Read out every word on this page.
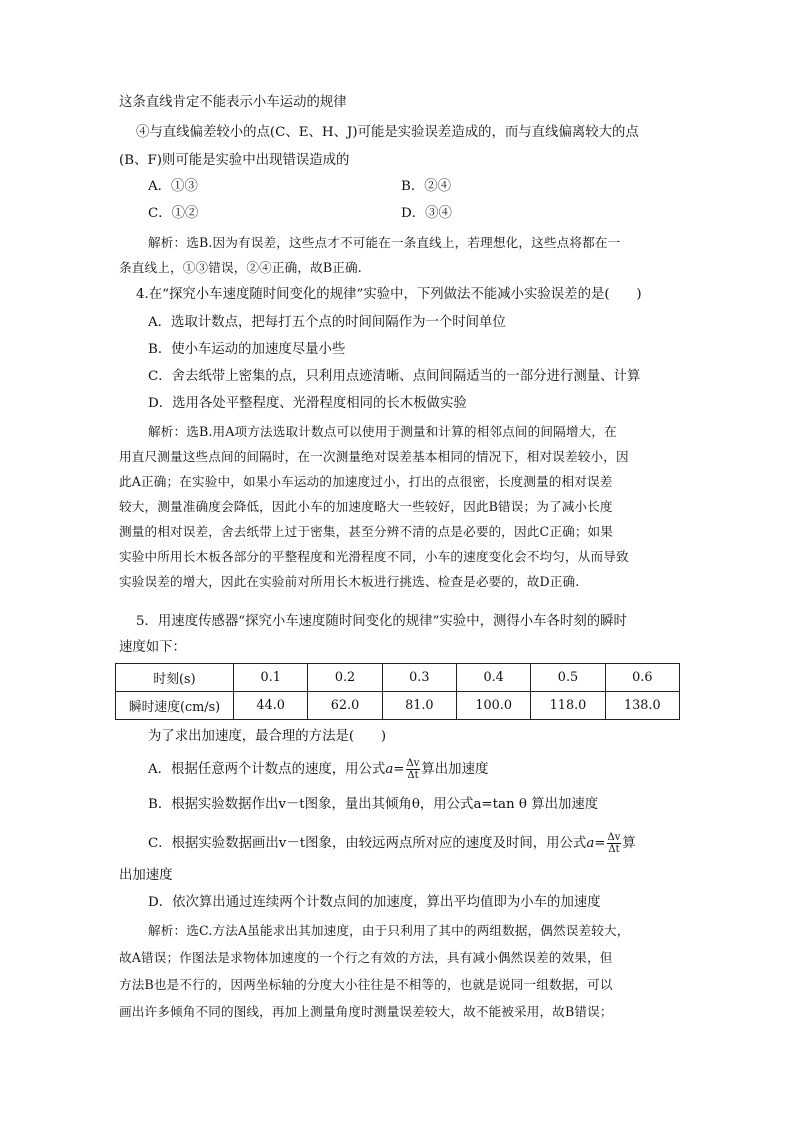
这条直线肯定不能表示小车运动的规律
④与直线偏差较小的点(C、E、H、J)可能是实验误差造成的，而与直线偏离较大的点
(B、F)则可能是实验中出现错误造成的
A．①③	B．②④
C．①②	D．③④
解析：选B.因为有误差，这些点才不可能在一条直线上，若理想化，这些点将都在一
条直线上，①③错误，②④正确，故B正确.
4.在“探究小车速度随时间变化的规律”实验中，下列做法不能减小实验误差的是(　　)
A．选取计数点，把每打五个点的时间间隔作为一个时间单位
B．使小车运动的加速度尽量小些
C．舍去纸带上密集的点，只利用点迹清晰、点间间隔适当的一部分进行测量、计算
D．选用各处平整程度、光滑程度相同的长木板做实验
解析：选B.用A项方法选取计数点可以使用于测量和计算的相邻点间的间隔增大，在
用直尺测量这些点间的间隔时，在一次测量绝对误差基本相同的情况下，相对误差较小，因
此A正确；在实验中，如果小车运动的加速度过小，打出的点很密，长度测量的相对误差
较大，测量准确度会降低，因此小车的加速度略大一些较好，因此B错误；为了减小长度
测量的相对误差，舍去纸带上过于密集，甚至分辨不清的点是必要的，因此C正确；如果
实验中所用长木板各部分的平整程度和光滑程度不同，小车的速度变化会不均匀，从而导致
实验误差的增大，因此在实验前对所用长木板进行挑选、检查是必要的，故D正确.
5．用速度传感器“探究小车速度随时间变化的规律”实验中，测得小车各时刻的瞬时
速度如下：
时刻(s)	0.1	0.2	0.3	0.4	0.5	0.6
瞬时速度(cm/s)	44.0	62.0	81.0	100.0	118.0	138.0
为了求出加速度，最合理的方法是(　　)
A．根据任意两个计数点的速度，用公式$a= \frac{\Delta v}{\Delta t}$ 算出加速度
B．根据实验数据作出v－t图象，量出其倾角θ，用公式a=tan θ 算出加速度
C．根据实验数据画出v－t图象，由较远两点所对应的速度及时间，用公式$a= \frac{\Delta v}{\Delta t}$ 算
出加速度
D．依次算出通过连续两个计数点间的加速度，算出平均值即为小车的加速度
解析：选C.方法A虽能求出其加速度，由于只利用了其中的两组数据，偶然误差较大，
故A错误；作图法是求物体加速度的一个行之有效的方法，具有减小偶然误差的效果，但
方法B也是不行的，因两坐标轴的分度大小往往是不相等的，也就是说同一组数据，可以
画出许多倾角不同的图线，再加上测量角度时测量误差较大，故不能被采用，故B错误；
